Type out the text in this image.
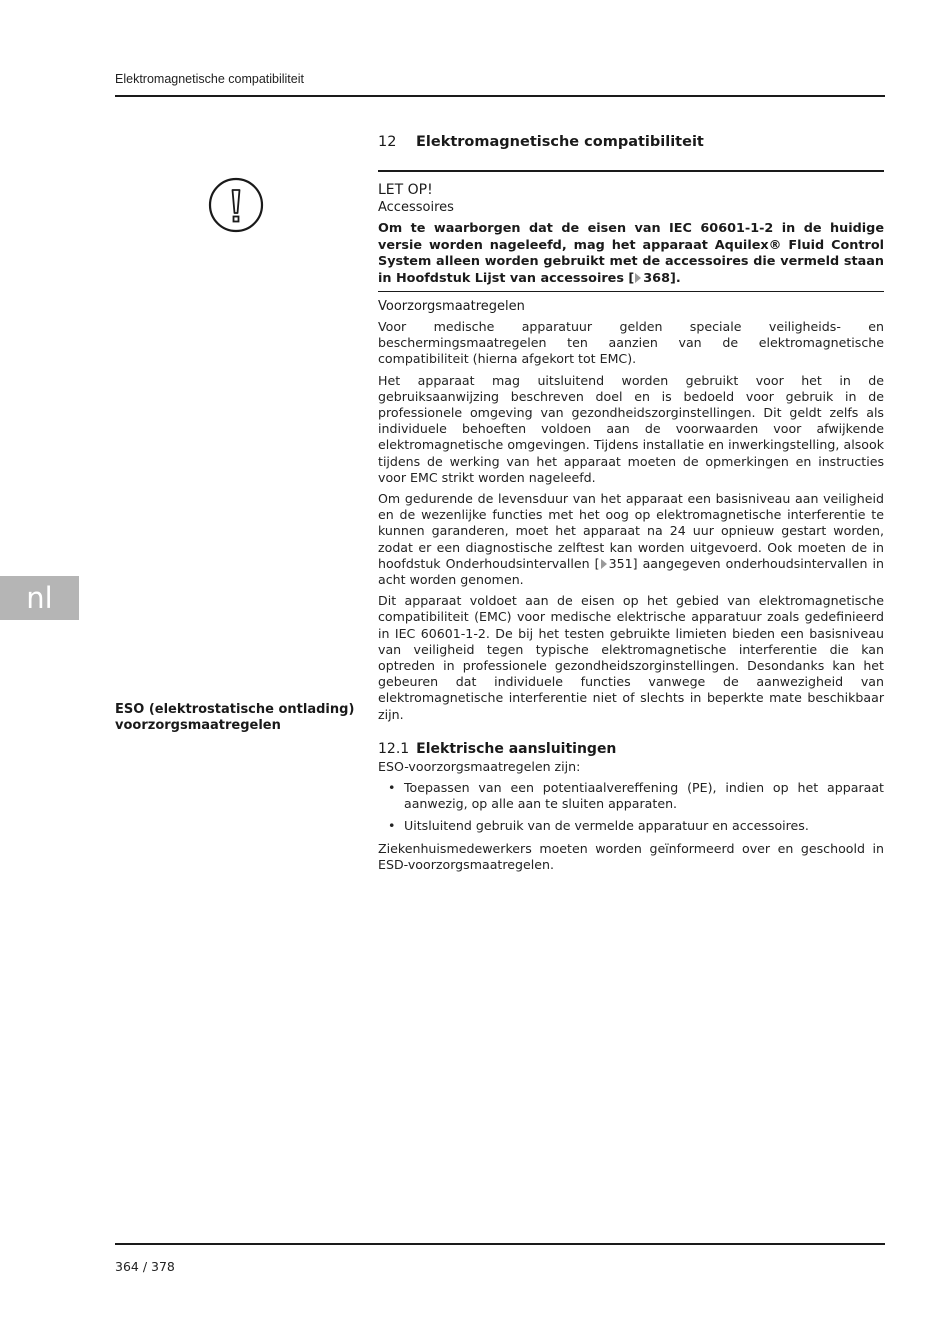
Elektromagnetische compatibiliteit
nl

ESO (elektrostatische ontlading) voorzorgsmaatregelen

12	Elektromagnetische compatibiliteit

LET OP!

Accessoires

Om te waarborgen dat de eisen van IEC 60601-1-2 in de huidige versie worden nageleefd, mag het apparaat Aquilex® Fluid Control System alleen worden gebruikt met de accessoires die vermeld staan in Hoofdstuk Lijst van accessoires [ 368].

Voorzorgsmaatregelen

Voor medische apparatuur gelden speciale veiligheids- en beschermingsmaatregelen ten aanzien van de elektromagnetische compatibiliteit (hierna afgekort tot EMC).

Het apparaat mag uitsluitend worden gebruikt voor het in de gebruiksaanwijzing beschreven doel en is bedoeld voor gebruik in de professionele omgeving van gezondheidszorginstellingen. Dit geldt zelfs als individuele behoeften voldoen aan de voorwaarden voor afwijkende elektromagnetische omgevingen. Tijdens installatie en inwerkingstelling, alsook tijdens de werking van het apparaat moeten de opmerkingen en instructies voor EMC strikt worden nageleefd.

Om gedurende de levensduur van het apparaat een basisniveau aan veiligheid en de wezenlijke functies met het oog op elektromagnetische interferentie te kunnen garanderen, moet het apparaat na 24 uur opnieuw gestart worden, zodat er een diagnostische zelftest kan worden uitgevoerd. Ook moeten de in hoofdstuk Onderhoudsintervallen [ 351] aangegeven onderhoudsintervallen in acht worden genomen.

Dit apparaat voldoet aan de eisen op het gebied van elektromagnetische compatibiliteit (EMC) voor medische elektrische apparatuur zoals gedefinieerd in IEC 60601-1-2. De bij het testen gebruikte limieten bieden een basisniveau van veiligheid tegen typische elektromagnetische interferentie die kan optreden in professionele gezondheidszorginstellingen. Desondanks kan het gebeuren dat individuele functies vanwege de aanwezigheid van elektromagnetische interferentie niet of slechts in beperkte mate beschikbaar zijn.

12.1 Elektrische aansluitingen

ESO-voorzorgsmaatregelen zijn:

• Toepassen van een potentiaalvereffening (PE), indien op het apparaat aanwezig, op alle aan te sluiten apparaten.
• Uitsluitend gebruik van de vermelde apparatuur en accessoires.

Ziekenhuismedewerkers moeten worden geïnformeerd over en geschoold in ESD-voorzorgsmaatregelen.

364 / 378
